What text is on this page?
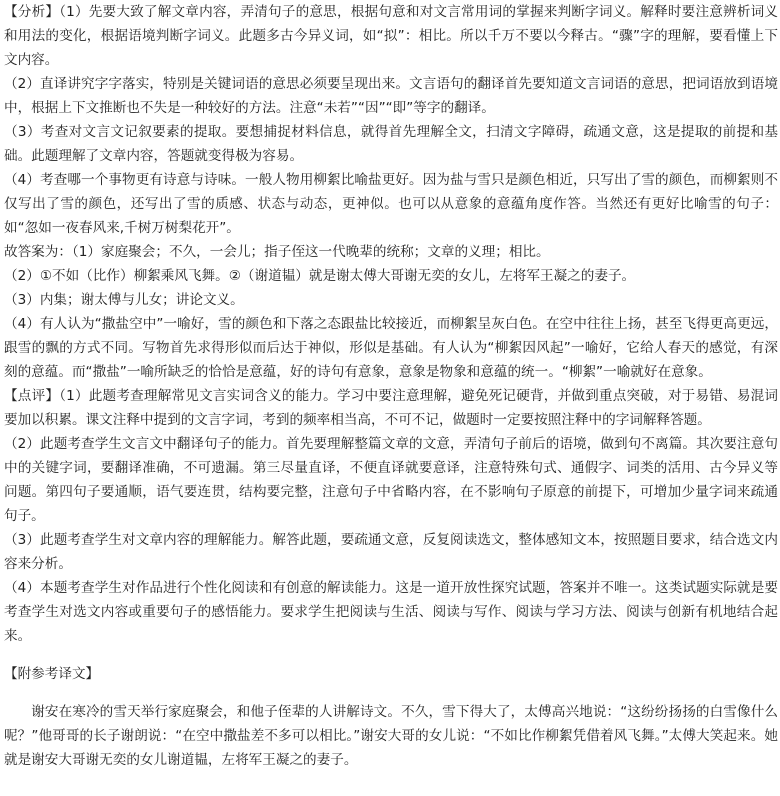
【分析】（1）先要大致了解文章内容，弄清句子的意思，根据句意和对文言常用词的掌握来判断字词义。解释时要注意辨析词义和用法的变化，根据语境判断字词义。此题多古今异义词，如“拟”：相比。所以千万不要以今释古。“骤”字的理解，要看懂上下文内容。

（2）直译讲究字字落实，特别是关键词语的意思必须要呈现出来。文言语句的翻译首先要知道文言词语的意思，把词语放到语境中，根据上下文推断也不失是一种较好的方法。注意“未若”“因”“即”等字的翻译。

（3）考查对文言文记叙要素的提取。要想捕捉材料信息，就得首先理解全文，扫清文字障碍，疏通文意，这是提取的前提和基础。此题理解了文章内容，答题就变得极为容易。

（4）考查哪一个事物更有诗意与诗味。一般人物用柳絮比喻盐更好。因为盐与雪只是颜色相近，只写出了雪的颜色，而柳絮则不仅写出了雪的颜色，还写出了雪的质感、状态与动态，更神似。也可以从意象的意蕴角度作答。当然还有更好比喻雪的句子：如“忽如一夜春风来,千树万树梨花开”。

故答案为：（1）家庭聚会；不久，一会儿；指子侄这一代晚辈的统称；文章的义理；相比。

（2）①不如（比作）柳絮乘风飞舞。②（谢道韫）就是谢太傅大哥谢无奕的女儿，左将军王凝之的妻子。

（3）内集；谢太傅与儿女；讲论文义。

（4）有人认为“撒盐空中”一喻好，雪的颜色和下落之态跟盐比较接近，而柳絮呈灰白色。在空中往往上扬，甚至飞得更高更远，跟雪的飘的方式不同。写物首先求得形似而后达于神似，形似是基础。有人认为“柳絮因风起”一喻好，它给人春天的感觉，有深刻的意蕴。而“撒盐”一喻所缺乏的恰恰是意蕴，好的诗句有意象，意象是物象和意蕴的统一。“柳絮”一喻就好在意象。

【点评】（1）此题考查理解常见文言实词含义的能力。学习中要注意理解，避免死记硬背，并做到重点突破，对于易错、易混词要加以积累。课文注释中提到的文言字词，考到的频率相当高，不可不记，做题时一定要按照注释中的字词解释答题。

（2）此题考查学生文言文中翻译句子的能力。首先要理解整篇文章的文意，弄清句子前后的语境，做到句不离篇。其次要注意句中的关键字词，要翻译准确，不可遗漏。第三尽量直译，不便直译就要意译，注意特殊句式、通假字、词类的活用、古今异义等问题。第四句子要通顺，语气要连贯，结构要完整，注意句子中省略内容，在不影响句子原意的前提下，可增加少量字词来疏通句子。

（3）此题考查学生对文章内容的理解能力。解答此题，要疏通文意，反复阅读选文，整体感知文本，按照题目要求，结合选文内容来分析。

（4）本题考查学生对作品进行个性化阅读和有创意的解读能力。这是一道开放性探究试题，答案并不唯一。这类试题实际就是要考查学生对选文内容或重要句子的感悟能力。要求学生把阅读与生活、阅读与写作、阅读与学习方法、阅读与创新有机地结合起来。

【附参考译文】

谢安在寒冷的雪天举行家庭聚会，和他子侄辈的人讲解诗文。不久，雪下得大了，太傅高兴地说：“这纷纷扬扬的白雪像什么呢？”他哥哥的长子谢朗说：“在空中撒盐差不多可以相比。”谢安大哥的女儿说：“不如比作柳絮凭借着风飞舞。”太傅大笑起来。她就是谢安大哥谢无奕的女儿谢道韫，左将军王凝之的妻子。
